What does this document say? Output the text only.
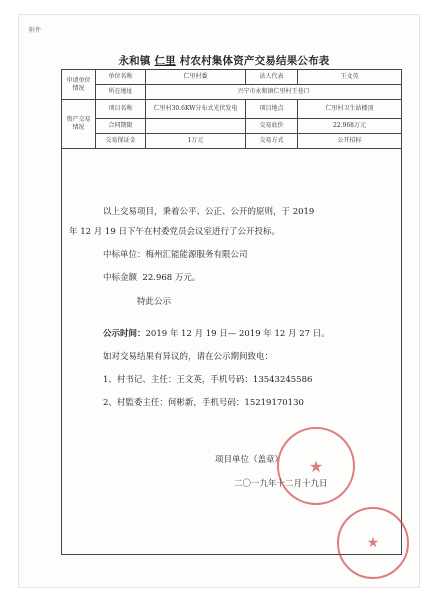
附件
永和镇 仁里 村农村集体资产交易结果公布表
申请单位情况	单位名称	仁里村委	法人代表	王文英
	所在地址	兴宁市永和镇仁里村王巷口		
资产交易情况	项目名称	仁里村30.6KW分布式光伏发电	项目地点	仁里村卫生站楼顶
	合同期限		交易底价	22.968万元
	交易保证金	1万元	交易方式	公开招标

以上交易项目，秉着公平、公正、公开的原则，于 2019
年 12 月 19 日下午在村委党员会议室进行了公开投标。
中标单位：梅州汇能能源服务有限公司
中标金额 22.968 万元。
特此公示
公示时间：2019 年 12 月 19 日— 2019 年 12 月 27 日。
如对交易结果有异议的，请在公示期间致电：
1、村书记、主任：王文英，手机号码：13543245586
2、村監委主任：何彬新，手机号码：15219170130
项目单位（盖章）
二〇一九年十二月十九日
★
★
